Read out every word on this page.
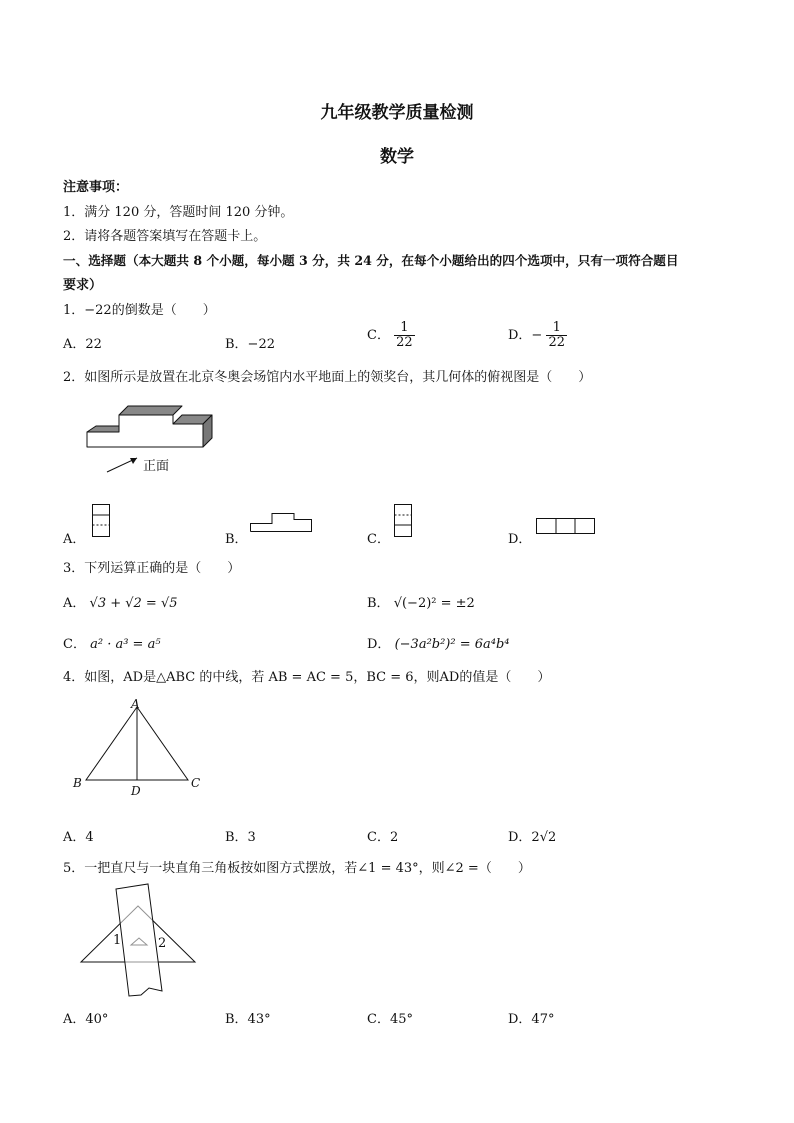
九年级教学质量检测
数学
注意事项：
1．满分 120 分，答题时间 120 分钟。
2．请将各题答案填写在答题卡上。
一、选择题（本大题共 8 个小题，每小题 3 分，共 24 分，在每个小题给出的四个选项中，只有一项符合题目
要求）
1．−22的倒数是（　　）
A．22	B．−22
C． $\frac{1}{22}$	D．− $\frac{1}{22}$
2．如图所示是放置在北京冬奥会场馆内水平地面上的领奖台，其几何体的俯视图是（　　）
正面
A．	B．	C．	D．
3．下列运算正确的是（　　）
A． √3 + √2 = √5	B． √(−2)² = ±2
C． a² · a³ = a⁵	D． (−3a²b²)² = 6a⁴b⁴
4．如图，AD是△ABC 的中线，若 AB = AC = 5，BC = 6，则AD的值是（　　）
A
B	C
D
A．4	B．3	C．2	D．2√2
5．一把直尺与一块直角三角板按如图方式摆放，若∠1 = 43°，则∠2 =（　　）
1	2
A．40°	B．43°	C．45°	D．47°
